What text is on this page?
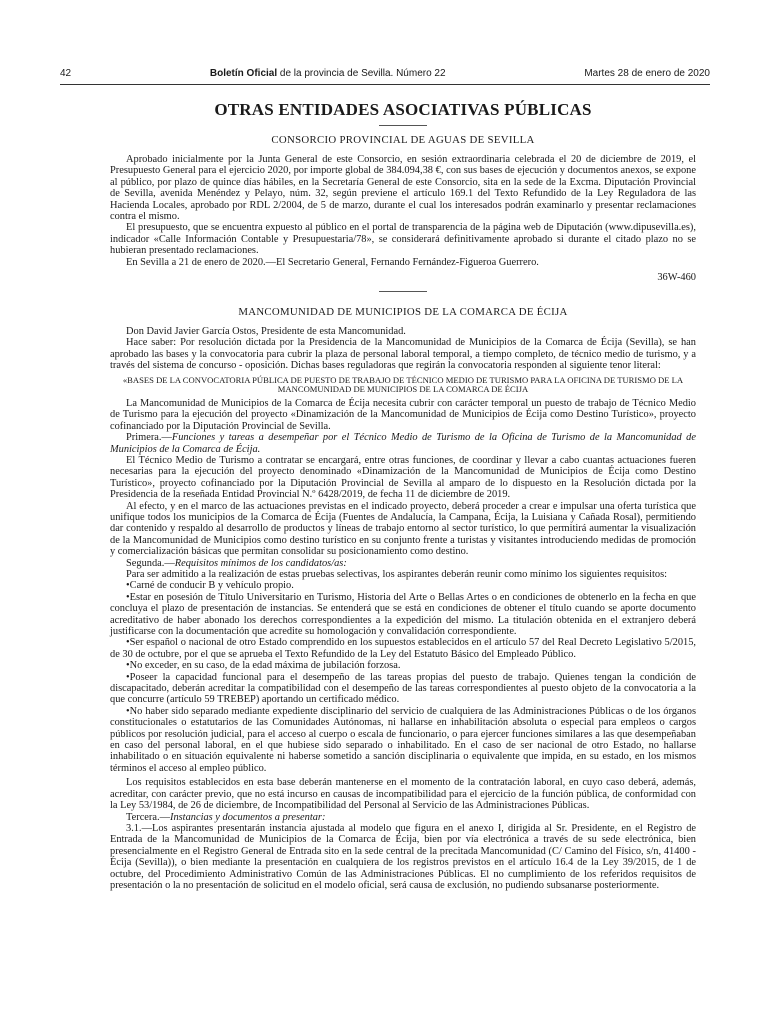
42	Boletín Oficial de la provincia de Sevilla. Número 22	Martes 28 de enero de 2020
OTRAS ENTIDADES ASOCIATIVAS PÚBLICAS
CONSORCIO PROVINCIAL DE AGUAS DE SEVILLA

Aprobado inicialmente por la Junta General de este Consorcio, en sesión extraordinaria celebrada el 20 de diciembre de 2019, el Presupuesto General para el ejercicio 2020, por importe global de 384.094,38 €, con sus bases de ejecución y documentos anexos, se expone al público, por plazo de quince días hábiles, en la Secretaría General de este Consorcio, sita en la sede de la Excma. Diputación Provincial de Sevilla, avenida Menéndez y Pelayo, núm. 32, según previene el artículo 169.1 del Texto Refundido de la Ley Reguladora de las Hacienda Locales, aprobado por RDL 2/2004, de 5 de marzo, durante el cual los interesados podrán examinarlo y presentar reclamaciones contra el mismo.

El presupuesto, que se encuentra expuesto al público en el portal de transparencia de la página web de Diputación (www.dipusevilla.es), indicador «Calle Información Contable y Presupuestaria/78», se considerará definitivamente aprobado si durante el citado plazo no se hubieran presentado reclamaciones.

En Sevilla a 21 de enero de 2020.—El Secretario General, Fernando Fernández-Figueroa Guerrero.

36W-460
MANCOMUNIDAD DE MUNICIPIOS DE LA COMARCA DE ÉCIJA

Don David Javier García Ostos, Presidente de esta Mancomunidad.

Hace saber: Por resolución dictada por la Presidencia de la Mancomunidad de Municipios de la Comarca de Écija (Sevilla), se han aprobado las bases y la convocatoria para cubrir la plaza de personal laboral temporal, a tiempo completo, de técnico medio de turismo, y a través del sistema de concurso - oposición. Dichas bases reguladoras que regirán la convocatoria responden al siguiente tenor literal:

«BASES DE LA CONVOCATORIA PÚBLICA DE PUESTO DE TRABAJO DE TÉCNICO MEDIO DE TURISMO PARA LA OFICINA DE TURISMO DE LA MANCOMUNIDAD DE MUNICIPIOS DE LA COMARCA DE ÉCIJA

La Mancomunidad de Municipios de la Comarca de Écija necesita cubrir con carácter temporal un puesto de trabajo de Técnico Medio de Turismo para la ejecución del proyecto «Dinamización de la Mancomunidad de Municipios de Écija como Destino Turístico», proyecto cofinanciado por la Diputación Provincial de Sevilla.

Primera.—Funciones y tareas a desempeñar por el Técnico Medio de Turismo de la Oficina de Turismo de la Mancomunidad de Municipios de la Comarca de Écija.

El Técnico Medio de Turismo a contratar se encargará, entre otras funciones, de coordinar y llevar a cabo cuantas actuaciones fueren necesarias para la ejecución del proyecto denominado «Dinamización de la Mancomunidad de Municipios de Écija como Destino Turístico», proyecto cofinanciado por la Diputación Provincial de Sevilla al amparo de lo dispuesto en la Resolución dictada por la Presidencia de la reseñada Entidad Provincial N.º 6428/2019, de fecha 11 de diciembre de 2019.

Al efecto, y en el marco de las actuaciones previstas en el indicado proyecto, deberá proceder a crear e impulsar una oferta turística que unifique todos los municipios de la Comarca de Écija (Fuentes de Andalucía, la Campana, Écija, la Luisiana y Cañada Rosal), permitiendo dar contenido y respaldo al desarrollo de productos y líneas de trabajo entorno al sector turístico, lo que permitirá aumentar la visualización de la Mancomunidad de Municipios como destino turístico en su conjunto frente a turistas y visitantes introduciendo medidas de promoción y comercialización básicas que permitan consolidar su posicionamiento como destino.

Segunda.—Requisitos mínimos de los candidatos/as:

Para ser admitido a la realización de estas pruebas selectivas, los aspirantes deberán reunir como mínimo los siguientes requisitos:

•Carné de conducir B y vehículo propio.

•Estar en posesión de Título Universitario en Turismo, Historia del Arte o Bellas Artes o en condiciones de obtenerlo en la fecha en que concluya el plazo de presentación de instancias. Se entenderá que se está en condiciones de obtener el título cuando se aporte documento acreditativo de haber abonado los derechos correspondientes a la expedición del mismo. La titulación obtenida en el extranjero deberá justificarse con la documentación que acredite su homologación y convalidación correspondiente.

•Ser español o nacional de otro Estado comprendido en los supuestos establecidos en el artículo 57 del Real Decreto Legislativo 5/2015, de 30 de octubre, por el que se aprueba el Texto Refundido de la Ley del Estatuto Básico del Empleado Público.

•No exceder, en su caso, de la edad máxima de jubilación forzosa.

•Poseer la capacidad funcional para el desempeño de las tareas propias del puesto de trabajo. Quienes tengan la condición de discapacitado, deberán acreditar la compatibilidad con el desempeño de las tareas correspondientes al puesto objeto de la convocatoria a la que concurre (artículo 59 TREBEP) aportando un certificado médico.

•No haber sido separado mediante expediente disciplinario del servicio de cualquiera de las Administraciones Públicas o de los órganos constitucionales o estatutarios de las Comunidades Autónomas, ni hallarse en inhabilitación absoluta o especial para empleos o cargos públicos por resolución judicial, para el acceso al cuerpo o escala de funcionario, o para ejercer funciones similares a las que desempeñaban en caso del personal laboral, en el que hubiese sido separado o inhabilitado. En el caso de ser nacional de otro Estado, no hallarse inhabilitado o en situación equivalente ni haberse sometido a sanción disciplinaria o equivalente que impida, en su estado, en los mismos términos el acceso al empleo público.

Los requisitos establecidos en esta base deberán mantenerse en el momento de la contratación laboral, en cuyo caso deberá, además, acreditar, con carácter previo, que no está incurso en causas de incompatibilidad para el ejercicio de la función pública, de conformidad con la Ley 53/1984, de 26 de diciembre, de Incompatibilidad del Personal al Servicio de las Administraciones Públicas.

Tercera.—Instancias y documentos a presentar:

3.1.—Los aspirantes presentarán instancia ajustada al modelo que figura en el anexo I, dirigida al Sr. Presidente, en el Registro de Entrada de la Mancomunidad de Municipios de la Comarca de Écija, bien por vía electrónica a través de su sede electrónica, bien presencialmente en el Registro General de Entrada sito en la sede central de la precitada Mancomunidad (C/ Camino del Físico, s/n, 41400 - Écija (Sevilla)), o bien mediante la presentación en cualquiera de los registros previstos en el artículo 16.4 de la Ley 39/2015, de 1 de octubre, del Procedimiento Administrativo Común de las Administraciones Públicas. El no cumplimiento de los referidos requisitos de presentación o la no presentación de solicitud en el modelo oficial, será causa de exclusión, no pudiendo subsanarse posteriormente.
